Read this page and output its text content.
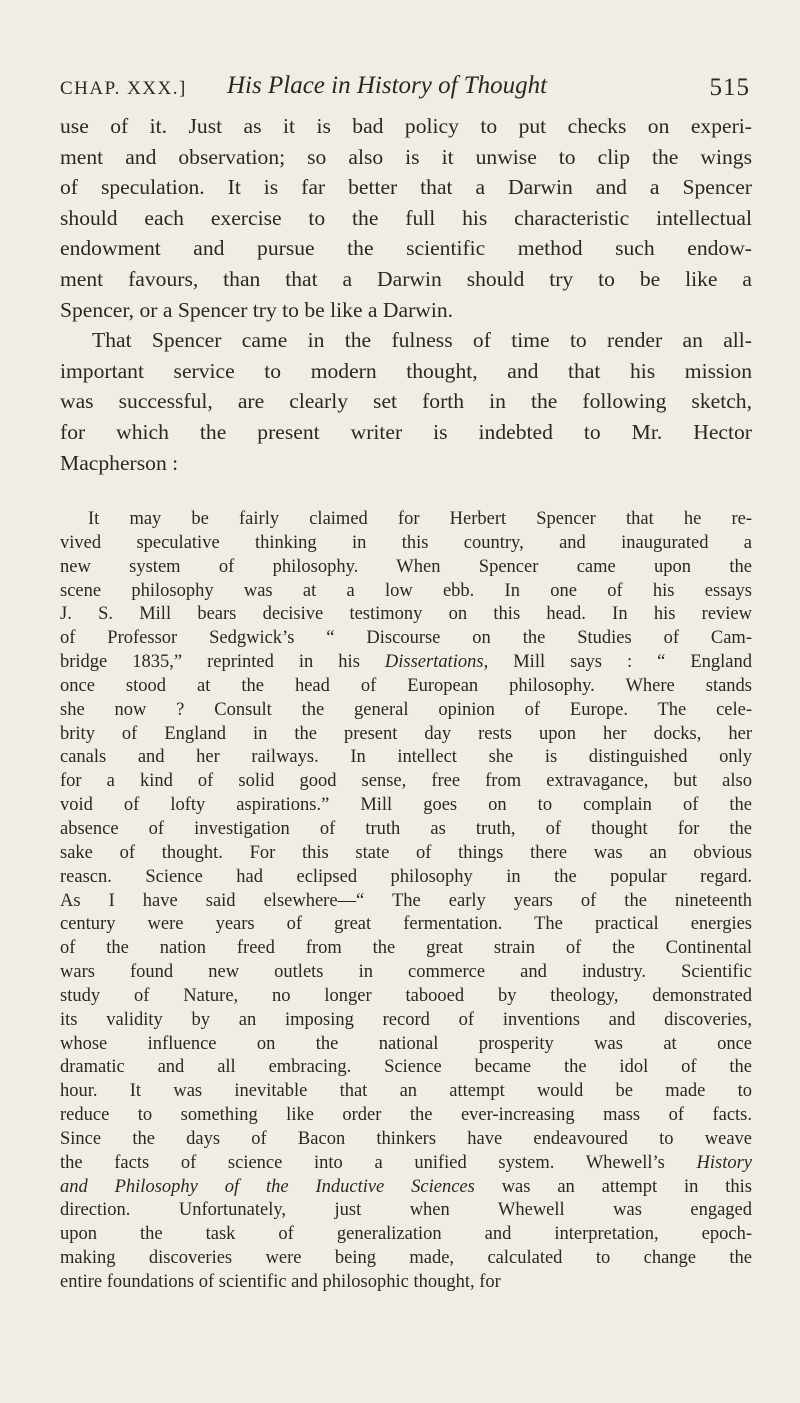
CHAP. XXX.] His Place in History of Thought	515
use of it. Just as it is bad policy to put checks on experi-
ment and observation; so also is it unwise to clip the wings
of speculation. It is far better that a Darwin and a Spencer
should each exercise to the full his characteristic intellectual
endowment and pursue the scientific method such endow-
ment favours, than that a Darwin should try to be like a
Spencer, or a Spencer try to be like a Darwin.
That Spencer came in the fulness of time to render an all-
important service to modern thought, and that his mission
was successful, are clearly set forth in the following sketch,
for which the present writer is indebted to Mr. Hector
Macpherson :
It may be fairly claimed for Herbert Spencer that he re-
vived speculative thinking in this country, and inaugurated a
new system of philosophy. When Spencer came upon the
scene philosophy was at a low ebb. In one of his essays
J. S. Mill bears decisive testimony on this head. In his review
of Professor Sedgwick’s “ Discourse on the Studies of Cam-
bridge 1835,” reprinted in his Dissertations, Mill says : “ England
once stood at the head of European philosophy. Where stands
she now ? Consult the general opinion of Europe. The cele-
brity of England in the present day rests upon her docks, her
canals and her railways. In intellect she is distinguished only
for a kind of solid good sense, free from extravagance, but also
void of lofty aspirations.” Mill goes on to complain of the
absence of investigation of truth as truth, of thought for the
sake of thought. For this state of things there was an obvious
reascn. Science had eclipsed philosophy in the popular regard.
As I have said elsewhere—“ The early years of the nineteenth
century were years of great fermentation. The practical energies
of the nation freed from the great strain of the Continental
wars found new outlets in commerce and industry. Scientific
study of Nature, no longer tabooed by theology, demonstrated
its validity by an imposing record of inventions and discoveries,
whose influence on the national prosperity was at once
dramatic and all embracing. Science became the idol of the
hour. It was inevitable that an attempt would be made to
reduce to something like order the ever-increasing mass of facts.
Since the days of Bacon thinkers have endeavoured to weave
the facts of science into a unified system. Whewell’s History
and Philosophy of the Inductive Sciences was an attempt in this
direction. Unfortunately, just when Whewell was engaged
upon the task of generalization and interpretation, epoch-
making discoveries were being made, calculated to change the
entire foundations of scientific and philosophic thought, for
